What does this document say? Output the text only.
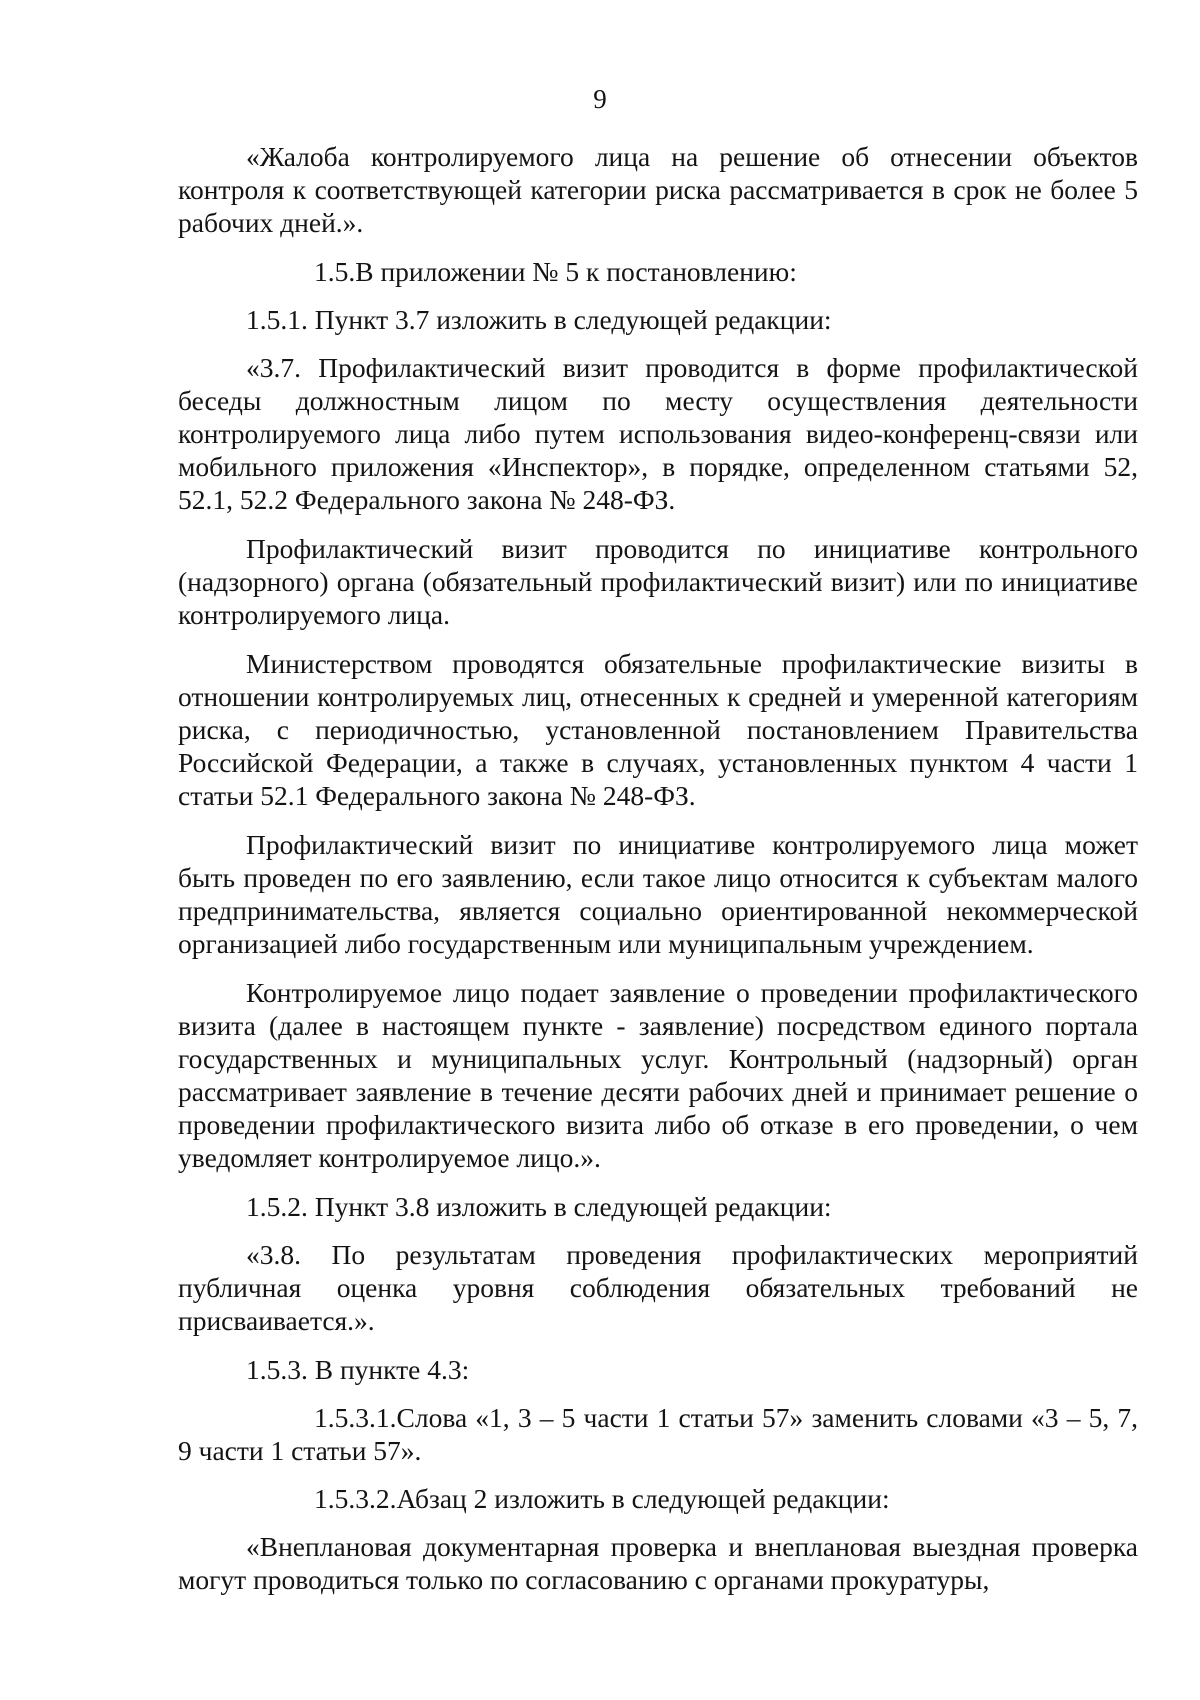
9

«Жалоба контролируемого лица на решение об отнесении объектов контроля к соответствующей категории риска рассматривается в срок не более 5 рабочих дней.».

1.5.В приложении № 5 к постановлению:

1.5.1. Пункт 3.7 изложить в следующей редакции:

«3.7. Профилактический визит проводится в форме профилактической беседы должностным лицом по месту осуществления деятельности контролируемого лица либо путем использования видео-конференц-связи или мобильного приложения «Инспектор», в порядке, определенном статьями 52, 52.1, 52.2 Федерального закона № 248-ФЗ.

Профилактический визит проводится по инициативе контрольного (надзорного) органа (обязательный профилактический визит) или по инициативе контролируемого лица.

Министерством проводятся обязательные профилактические визиты в отношении контролируемых лиц, отнесенных к средней и умеренной категориям риска, с периодичностью, установленной постановлением Правительства Российской Федерации, а также в случаях, установленных пунктом 4 части 1 статьи 52.1 Федерального закона № 248-ФЗ.

Профилактический визит по инициативе контролируемого лица может быть проведен по его заявлению, если такое лицо относится к субъектам малого предпринимательства, является социально ориентированной некоммерческой организацией либо государственным или муниципальным учреждением.

Контролируемое лицо подает заявление о проведении профилактического визита (далее в настоящем пункте - заявление) посредством единого портала государственных и муниципальных услуг. Контрольный (надзорный) орган рассматривает заявление в течение десяти рабочих дней и принимает решение о проведении профилактического визита либо об отказе в его проведении, о чем уведомляет контролируемое лицо.».

1.5.2. Пункт 3.8 изложить в следующей редакции:

«3.8. По результатам проведения профилактических мероприятий публичная оценка уровня соблюдения обязательных требований не присваивается.».

1.5.3. В пункте 4.3:

1.5.3.1.Слова «1, 3 – 5 части 1 статьи 57» заменить словами «3 – 5, 7, 9 части 1 статьи 57».

1.5.3.2.Абзац 2 изложить в следующей редакции:

«Внеплановая документарная проверка и внеплановая выездная проверка могут проводиться только по согласованию с органами прокуратуры,
